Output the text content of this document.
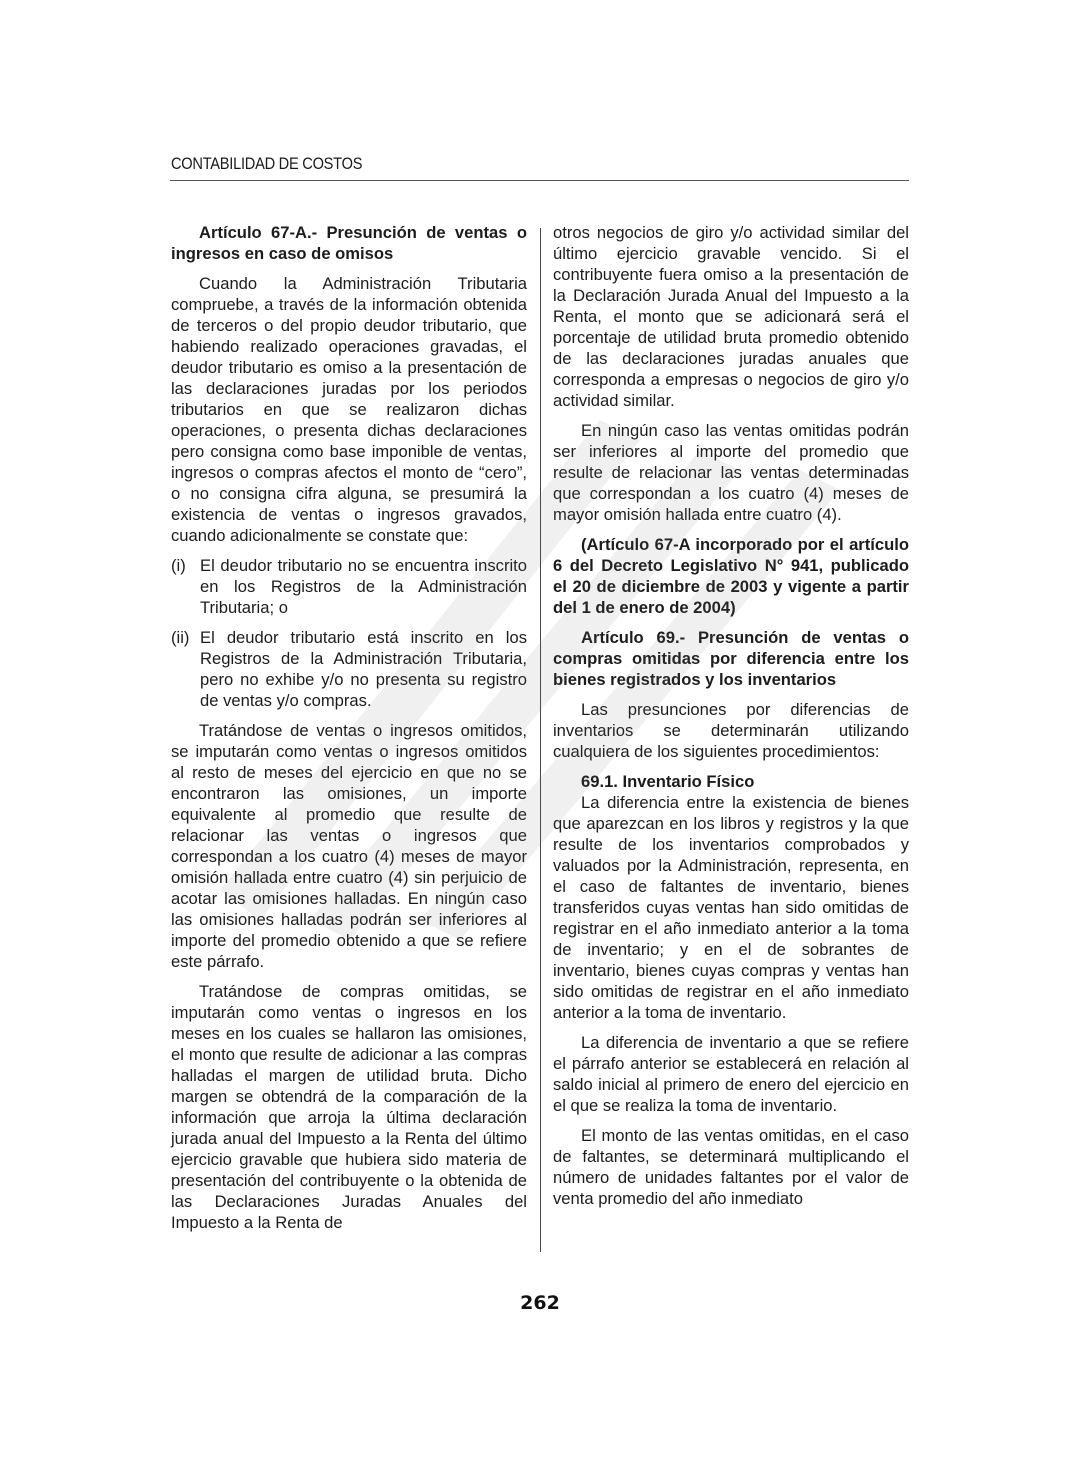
CONTABILIDAD DE COSTOS

Artículo 67-A.- Presunción de ventas o ingresos en caso de omisos

Cuando la Administración Tributaria compruebe, a través de la información obtenida de terceros o del propio deudor tributario, que habiendo realizado operaciones gravadas, el deudor tributario es omiso a la presentación de las declaraciones juradas por los periodos tributarios en que se realizaron dichas operaciones, o presenta dichas declaraciones pero consigna como base imponible de ventas, ingresos o compras afectos el monto de “cero”, o no consigna cifra alguna, se presumirá la existencia de ventas o ingresos gravados, cuando adicionalmente se constate que:

(i) El deudor tributario no se encuentra inscrito en los Registros de la Administración Tributaria; o
(ii) El deudor tributario está inscrito en los Registros de la Administración Tributaria, pero no exhibe y/o no presenta su registro de ventas y/o compras.

Tratándose de ventas o ingresos omitidos, se imputarán como ventas o ingresos omitidos al resto de meses del ejercicio en que no se encontraron las omisiones, un importe equivalente al promedio que resulte de relacionar las ventas o ingresos que correspondan a los cuatro (4) meses de mayor omisión hallada entre cuatro (4) sin perjuicio de acotar las omisiones halladas. En ningún caso las omisiones halladas podrán ser inferiores al importe del promedio obtenido a que se refiere este párrafo.

Tratándose de compras omitidas, se imputarán como ventas o ingresos en los meses en los cuales se hallaron las omisiones, el monto que resulte de adicionar a las compras halladas el margen de utilidad bruta. Dicho margen se obtendrá de la comparación de la información que arroja la última declaración jurada anual del Impuesto a la Renta del último ejercicio gravable que hubiera sido materia de presentación del contribuyente o la obtenida de las Declaraciones Juradas Anuales del Impuesto a la Renta de

otros negocios de giro y/o actividad similar del último ejercicio gravable vencido. Si el contribuyente fuera omiso a la presentación de la Declaración Jurada Anual del Impuesto a la Renta, el monto que se adicionará será el porcentaje de utilidad bruta promedio obtenido de las declaraciones juradas anuales que corresponda a empresas o negocios de giro y/o actividad similar.

En ningún caso las ventas omitidas podrán ser inferiores al importe del promedio que resulte de relacionar las ventas determinadas que correspondan a los cuatro (4) meses de mayor omisión hallada entre cuatro (4).

(Artículo 67-A incorporado por el artículo 6 del Decreto Legislativo N° 941, publicado el 20 de diciembre de 2003 y vigente a partir del 1 de enero de 2004)

Artículo 69.- Presunción de ventas o compras omitidas por diferencia entre los bienes registrados y los inventarios

Las presunciones por diferencias de inventarios se determinarán utilizando cualquiera de los siguientes procedimientos:

69.1. Inventario Físico

La diferencia entre la existencia de bienes que aparezcan en los libros y registros y la que resulte de los inventarios comprobados y valuados por la Administración, representa, en el caso de faltantes de inventario, bienes transferidos cuyas ventas han sido omitidas de registrar en el año inmediato anterior a la toma de inventario; y en el de sobrantes de inventario, bienes cuyas compras y ventas han sido omitidas de registrar en el año inmediato anterior a la toma de inventario.

La diferencia de inventario a que se refiere el párrafo anterior se establecerá en relación al saldo inicial al primero de enero del ejercicio en el que se realiza la toma de inventario.

El monto de las ventas omitidas, en el caso de faltantes, se determinará multiplicando el número de unidades faltantes por el valor de venta promedio del año inmediato

262
